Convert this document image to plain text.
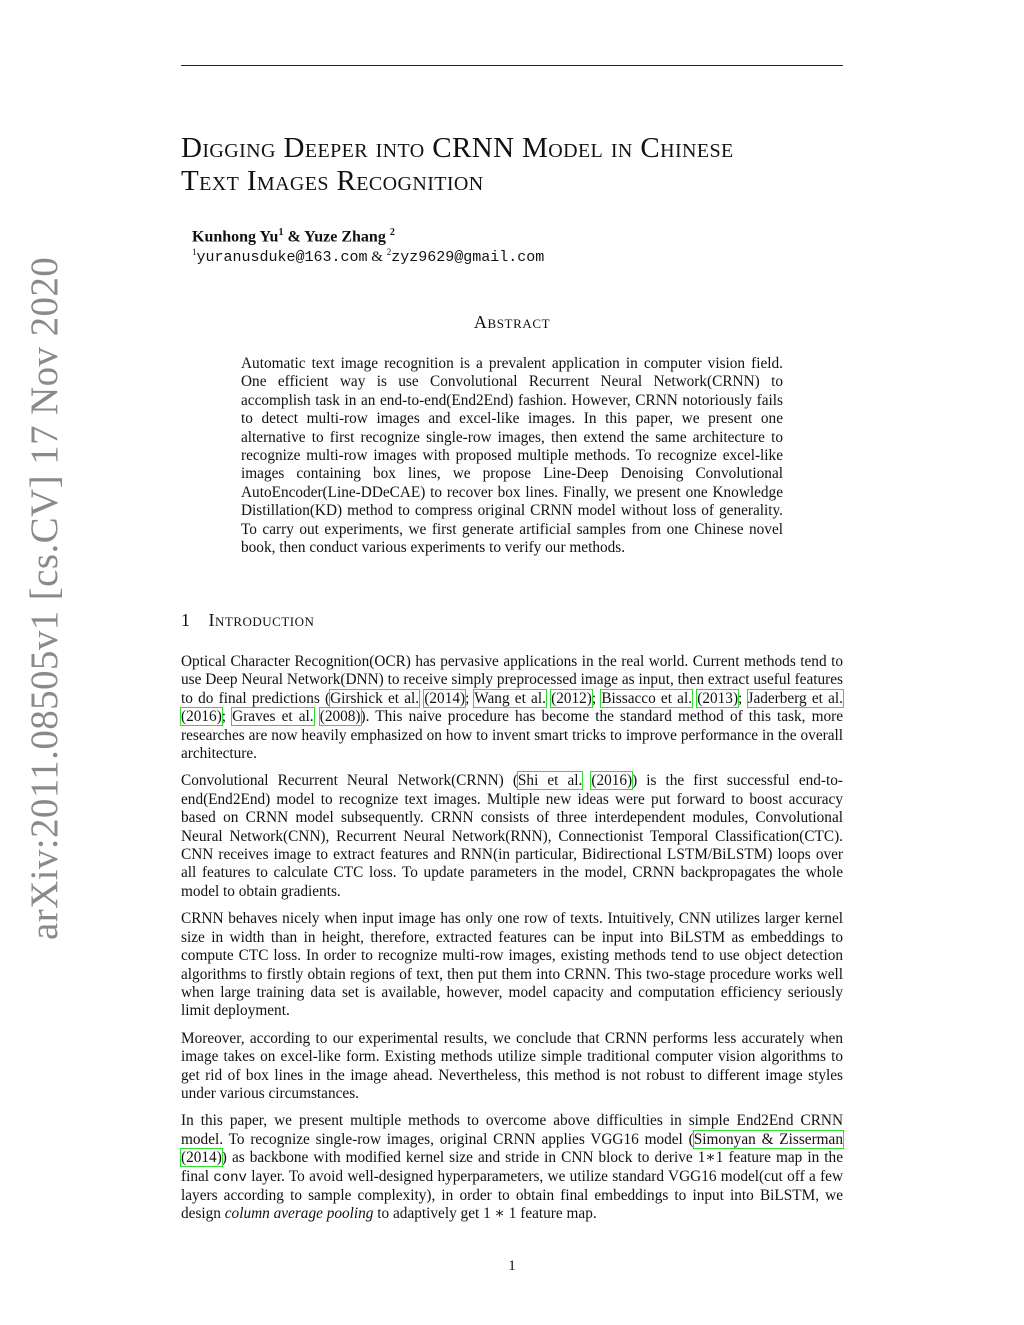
arXiv:2011.08505v1 [cs.CV] 17 Nov 2020
Digging Deeper into CRNN Model in Chinese
Text Images Recognition
Kunhong Yu$^1$ & Yuze Zhang $^2$
$^1$yuranusduke@163.com & $^2$zyz9629@gmail.com
Abstract

Automatic text image recognition is a prevalent application in computer vision field. One efficient way is use Convolutional Recurrent Neural Network(CRNN) to accomplish task in an end-to-end(End2End) fashion. However, CRNN notoriously fails to detect multi-row images and excel-like images. In this paper, we present one alternative to first recognize single-row images, then extend the same architecture to recognize multi-row images with proposed multiple methods. To recognize excel-like images containing box lines, we propose Line-Deep Denoising Convolutional AutoEncoder(Line-DDeCAE) to recover box lines. Finally, we present one Knowledge Distillation(KD) method to compress original CRNN model without loss of generality. To carry out experiments, we first generate artificial samples from one Chinese novel book, then conduct various experiments to verify our methods.

1 Introduction

Optical Character Recognition(OCR) has pervasive applications in the real world. Current methods tend to use Deep Neural Network(DNN) to receive simply preprocessed image as input, then extract useful features to do final predictions (Girshick et al. (2014); Wang et al. (2012); Bissacco et al. (2013); Jaderberg et al. (2016); Graves et al. (2008)). This naive procedure has become the standard method of this task, more researches are now heavily emphasized on how to invent smart tricks to improve performance in the overall architecture.

Convolutional Recurrent Neural Network(CRNN) (Shi et al. (2016)) is the first successful end-to-end(End2End) model to recognize text images. Multiple new ideas were put forward to boost accuracy based on CRNN model subsequently. CRNN consists of three interdependent modules, Convolutional Neural Network(CNN), Recurrent Neural Network(RNN), Connectionist Temporal Classification(CTC). CNN receives image to extract features and RNN(in particular, Bidirectional LSTM/BiLSTM) loops over all features to calculate CTC loss. To update parameters in the model, CRNN backpropagates the whole model to obtain gradients.

CRNN behaves nicely when input image has only one row of texts. Intuitively, CNN utilizes larger kernel size in width than in height, therefore, extracted features can be input into BiLSTM as embeddings to compute CTC loss. In order to recognize multi-row images, existing methods tend to use object detection algorithms to firstly obtain regions of text, then put them into CRNN. This two-stage procedure works well when large training data set is available, however, model capacity and computation efficiency seriously limit deployment.

Moreover, according to our experimental results, we conclude that CRNN performs less accurately when image takes on excel-like form. Existing methods utilize simple traditional computer vision algorithms to get rid of box lines in the image ahead. Nevertheless, this method is not robust to different image styles under various circumstances.

In this paper, we present multiple methods to overcome above difficulties in simple End2End CRNN model. To recognize single-row images, original CRNN applies VGG16 model (Simonyan & Zisserman (2014)) as backbone with modified kernel size and stride in CNN block to derive 1∗1 feature map in the final conv layer. To avoid well-designed hyperparameters, we utilize standard VGG16 model(cut off a few layers according to sample complexity), in order to obtain final embeddings to input into BiLSTM, we design column average pooling to adaptively get 1 ∗ 1 feature map.

1
